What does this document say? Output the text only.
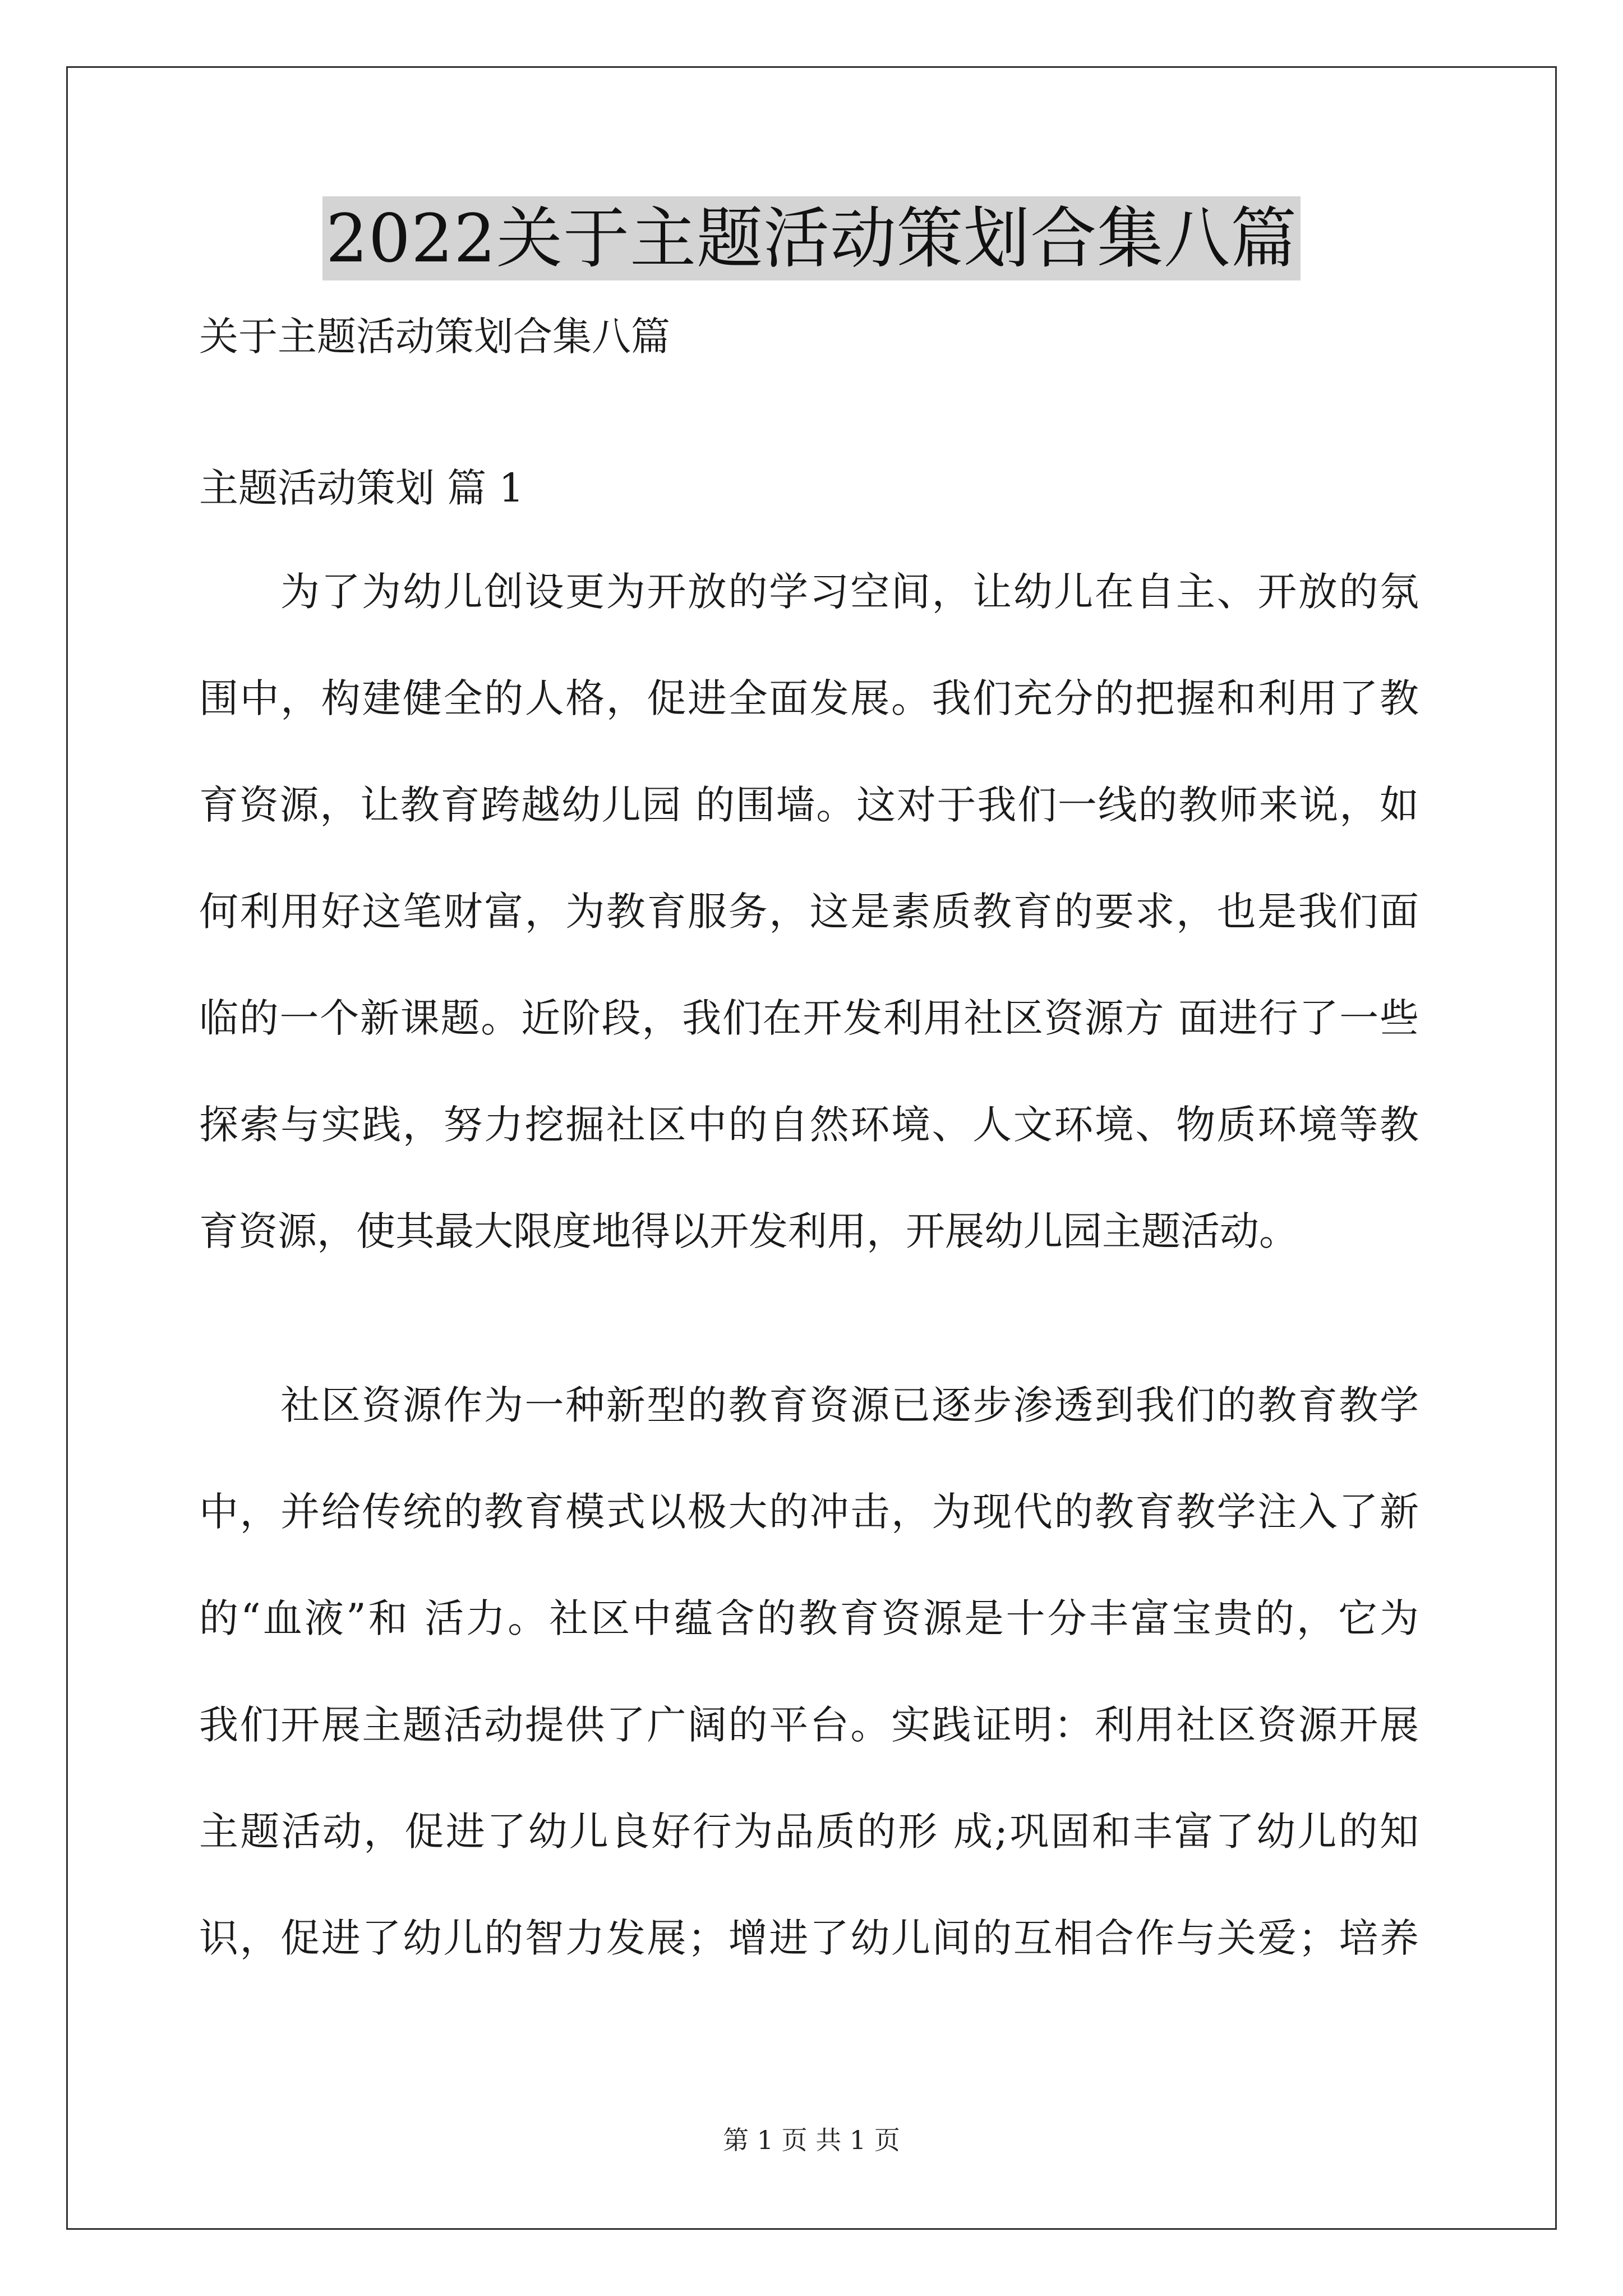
2022关于主题活动策划合集八篇
关于主题活动策划合集八篇
主题活动策划 篇 1
为了为幼儿创设更为开放的学习空间，让幼儿在自主、开放的氛
围中，构建健全的人格，促进全面发展。我们充分的把握和利用了教
育资源，让教育跨越幼儿园 的围墙。这对于我们一线的教师来说，如
何利用好这笔财富，为教育服务，这是素质教育的要求，也是我们面
临的一个新课题。近阶段，我们在开发利用社区资源方 面进行了一些
探索与实践，努力挖掘社区中的自然环境、人文环境、物质环境等教
育资源，使其最大限度地得以开发利用，开展幼儿园主题活动。
社区资源作为一种新型的教育资源已逐步渗透到我们的教育教学
中，并给传统的教育模式以极大的冲击，为现代的教育教学注入了新
的“血液”和 活力。社区中蕴含的教育资源是十分丰富宝贵的，它为
我们开展主题活动提供了广阔的平台。实践证明：利用社区资源开展
主题活动，促进了幼儿良好行为品质的形 成;巩固和丰富了幼儿的知
识，促进了幼儿的智力发展；增进了幼儿间的互相合作与关爱；培养
第 1 页 共 1 页
